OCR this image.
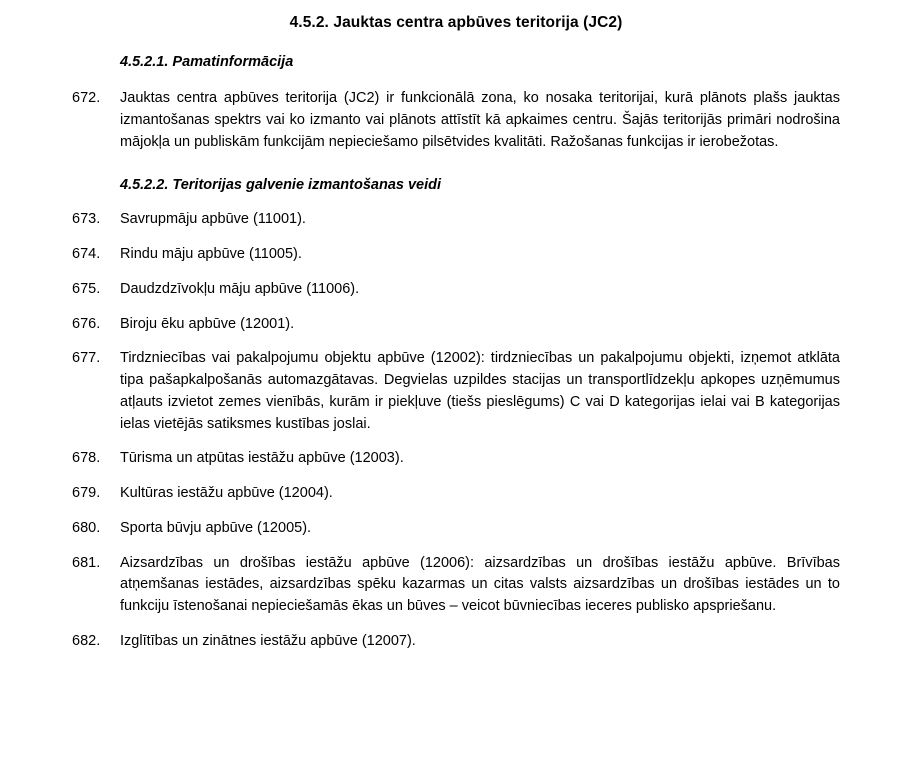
4.5.2. Jauktas centra apbūves teritorija (JC2)
4.5.2.1. Pamatinformācija
672.	Jauktas centra apbūves teritorija (JC2) ir funkcionālā zona, ko nosaka teritorijai, kurā plānots plašs jauktas izmantošanas spektrs vai ko izmanto vai plānots attīstīt kā apkaimes centru. Šajās teritorijās primāri nodrošina mājokļa un publiskām funkcijām nepieciešamo pilsētvides kvalitāti. Ražošanas funkcijas ir ierobežotas.
4.5.2.2. Teritorijas galvenie izmantošanas veidi
673.	Savrupmāju apbūve (11001).
674.	Rindu māju apbūve (11005).
675.	Daudzdzīvokļu māju apbūve (11006).
676.	Biroju ēku apbūve (12001).
677.	Tirdzniecības vai pakalpojumu objektu apbūve (12002): tirdzniecības un pakalpojumu objekti, izņemot atklāta tipa pašapkalpošanās automazgātavas. Degvielas uzpildes stacijas un transportlīdzekļu apkopes uzņēmumus atļauts izvietot zemes vienībās, kurām ir piekļuve (tiešs pieslēgums) C vai D kategorijas ielai vai B kategorijas ielas vietējās satiksmes kustības joslai.
678.	Tūrisma un atpūtas iestāžu apbūve (12003).
679.	Kultūras iestāžu apbūve (12004).
680.	Sporta būvju apbūve (12005).
681.	Aizsardzības un drošības iestāžu apbūve (12006): aizsardzības un drošības iestāžu apbūve. Brīvības atņemšanas iestādes, aizsardzības spēku kazarmas un citas valsts aizsardzības un drošības iestādes un to funkciju īstenošanai nepieciešamās ēkas un būves – veicot būvniecības ieceres publisko apspriešanu.
682.	Izglītības un zinātnes iestāžu apbūve (12007).
